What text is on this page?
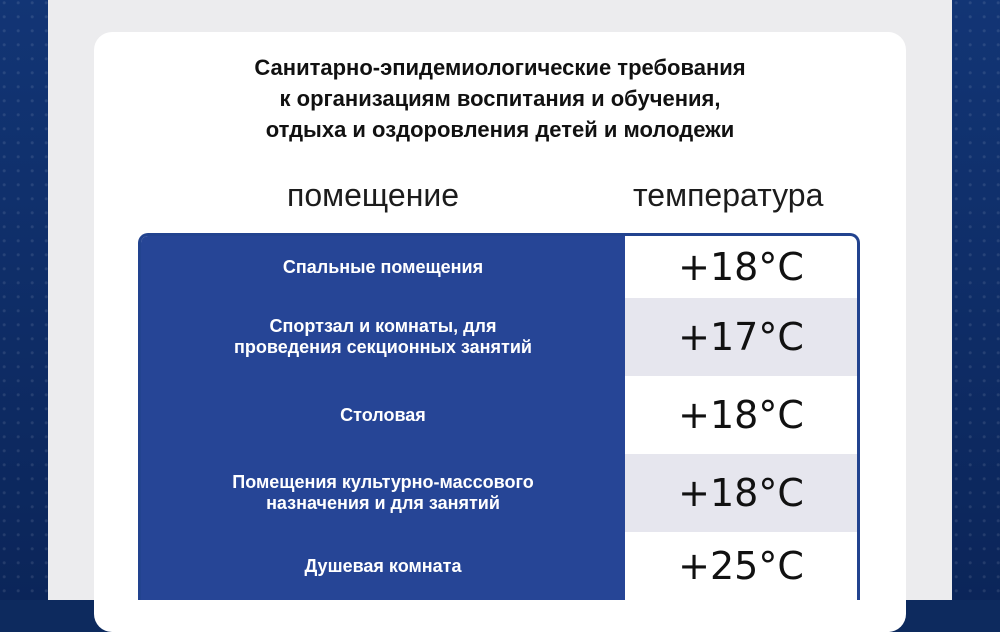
Санитарно-эпидемиологические требования
к организациям воспитания и обучения,
отдыха и оздоровления детей и молодежи
помещение	температура
Спальные помещения	+18°C
Спортзал и комнаты, для
проведения секционных занятий	+17°C
Столовая	+18°C
Помещения культурно-массового
назначения и для занятий	+18°C
Душевая комната	+25°C
